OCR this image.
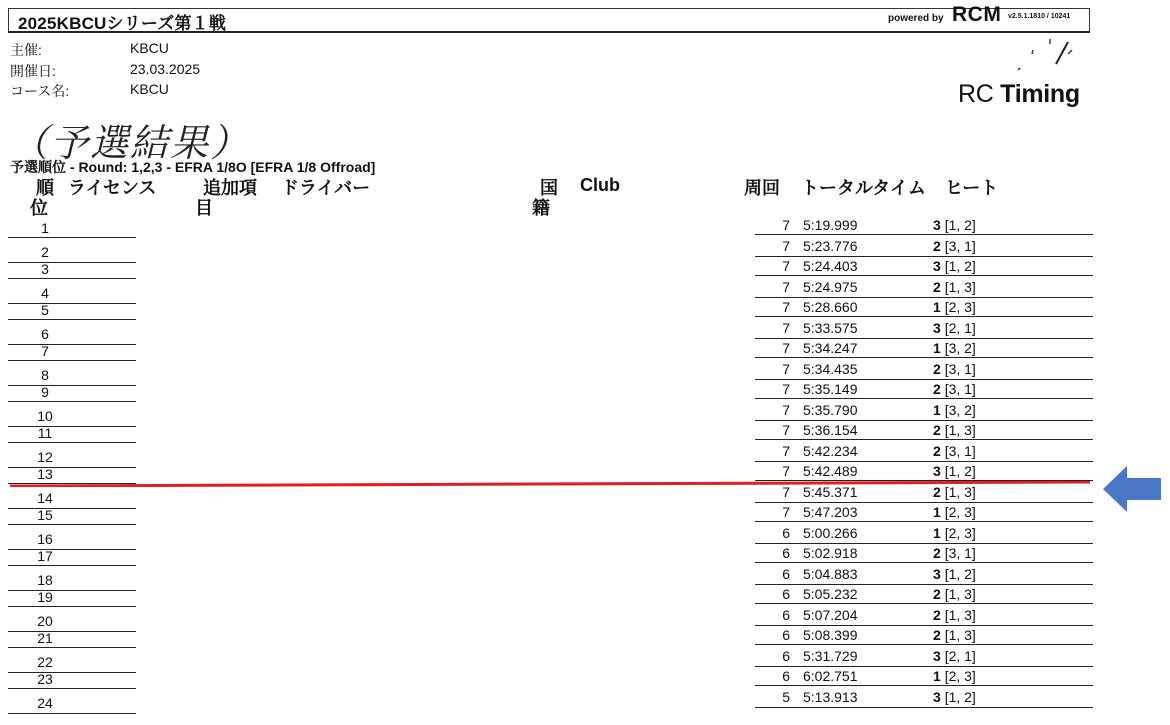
2025KBCUシリーズ第１戦	powered by RCM v2.5.1.1810 / 10241
主催:	KBCU
開催日:	23.03.2025
コース名:	KBCU	RC Timing
（予選結果）
予選順位 - Round: 1,2,3 - EFRA 1/8O [EFRA 1/8 Offroad]
順
位
ライセンス	追加項
目
ドライバー	国
籍
Club	周回 トータルタイム ヒート
1	7 5:19.999	3 [1, 2]
2	7 5:23.776	2 [3, 1]
3	7 5:24.403	3 [1, 2]
4	7 5:24.975	2 [1, 3]
5	7 5:28.660	1 [2, 3]
6	7 5:33.575	3 [2, 1]
7	7 5:34.247	1 [3, 2]
8	7 5:34.435	2 [3, 1]
9	7 5:35.149	2 [3, 1]
10	7 5:35.790	1 [3, 2]
11	7 5:36.154	2 [1, 3]
12	7 5:42.234	2 [3, 1]
13	7 5:42.489	3 [1, 2]
14	7 5:45.371	2 [1, 3]
15	7 5:47.203	1 [2, 3]
16	6 5:00.266	1 [2, 3]
17	6 5:02.918	2 [3, 1]
18	6 5:04.883	3 [1, 2]
19	6 5:05.232	2 [1, 3]
20	6 5:07.204	2 [1, 3]
21	6 5:08.399	2 [1, 3]
22	6 5:31.729	3 [2, 1]
23	6 6:02.751	1 [2, 3]
24	5 5:13.913	3 [1, 2]
